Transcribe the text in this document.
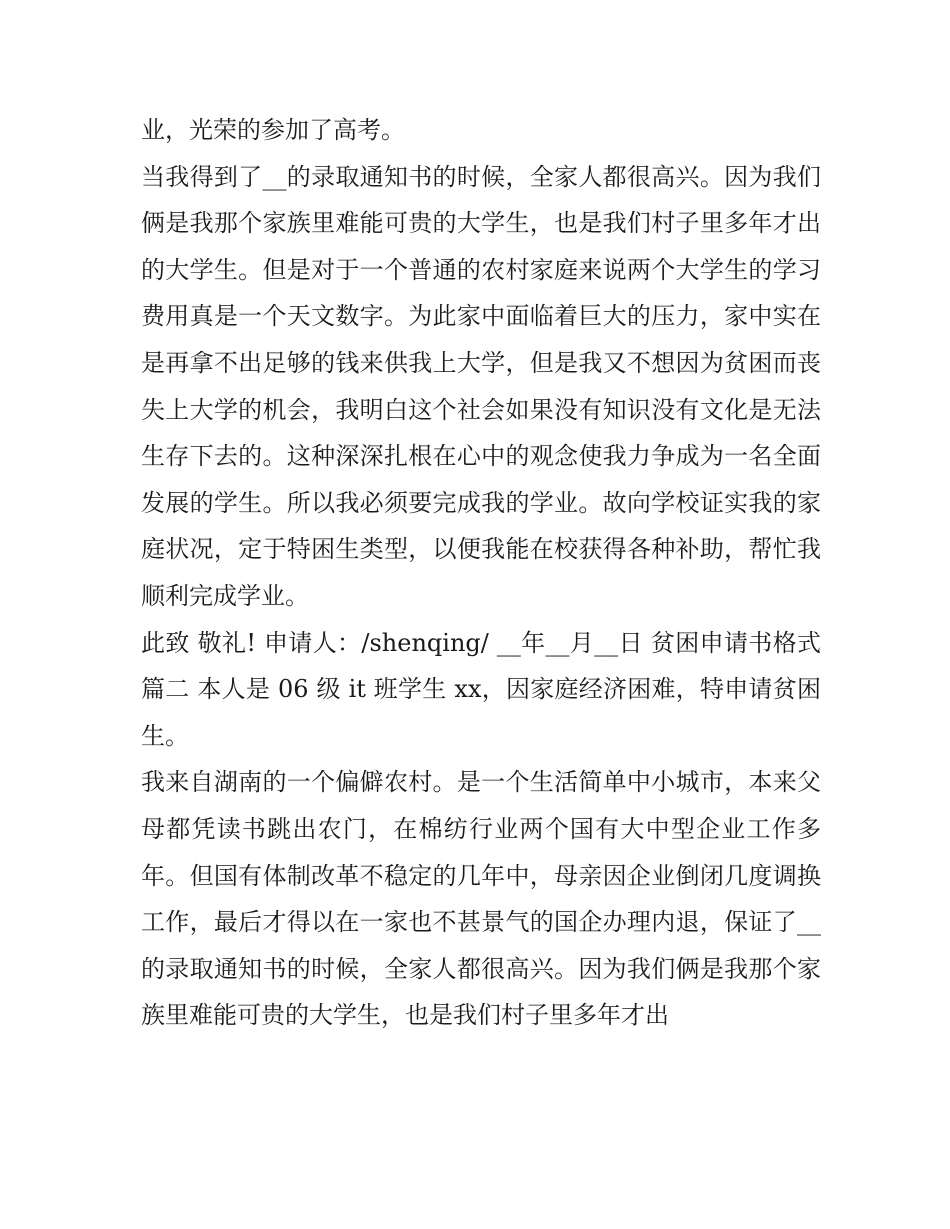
业，光荣的参加了高考。

当我得到了__的录取通知书的时候，全家人都很高兴。因为我们俩是我那个家族里难能可贵的大学生，也是我们村子里多年才出的大学生。但是对于一个普通的农村家庭来说两个大学生的学习费用真是一个天文数字。为此家中面临着巨大的压力，家中实在是再拿不出足够的钱来供我上大学，但是我又不想因为贫困而丧失上大学的机会，我明白这个社会如果没有知识没有文化是无法生存下去的。这种深深扎根在心中的观念使我力争成为一名全面发展的学生。所以我必须要完成我的学业。故向学校证实我的家庭状况，定于特困生类型，以便我能在校获得各种补助，帮忙我顺利完成学业。

此致 敬礼! 申请人：/shenqing/ __年__月__日 贫困申请书格式篇二 本人是 06 级 it 班学生 xx，因家庭经济困难，特申请贫困生。

我来自湖南的一个偏僻农村。是一个生活简单中小城市，本来父母都凭读书跳出农门，在棉纺行业两个国有大中型企业工作多年。但国有体制改革不稳定的几年中，母亲因企业倒闭几度调换工作，最后才得以在一家也不甚景气的国企办理内退，保证了__的录取通知书的时候，全家人都很高兴。因为我们俩是我那个家族里难能可贵的大学生，也是我们村子里多年才出
